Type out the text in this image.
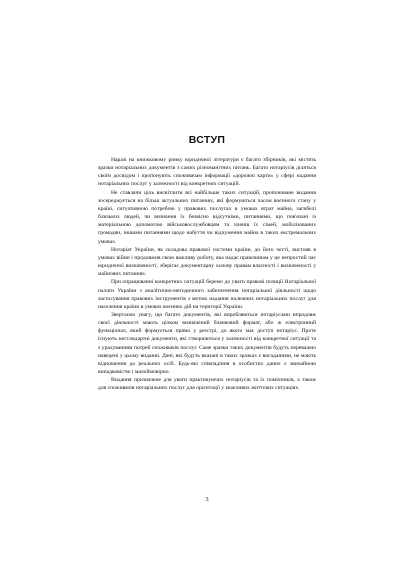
ВСТУП

Наразі на книжковому ринку юридичної літератури є багато збірників, які містять зразки нотаріальних документів з самих різноманітних питань. Багато нотаріусів діляться своїм досвідом і пропонують споживачам інформації «дорожні карти» у сфері надання нотаріальних послуг у залежності від конкретних ситуацій.

Не ставлячи ціль висвітлити всі найбільше таких ситуацій, пропоноване видання зосереджується на більш актуальних питаннях, які формуються часом воєнного стану у країні, ситуативною потребою у правових послугах в умовах втрат майна, загибелі близьких людей, чи визнання їх безвісно відсутніми, питаннями, що пов'язані із матеріальною допомогою військовослужбовцям та членів їх сімей, мобілізованих громадян, іншими питаннями щодо набуття чи відчуження майна в таких екстремальних умовах.

Нотаріат України, як складова правової системи країни, до його честі, вистояв в умовах війни і продовжив свою важливу роботу, яка надає правочинам у це непростий час юридичної визначеності, зберігає документарну основу правам власності і визначеності у майнових питаннях.

При опрацюванні конкретних ситуацій беремо до уваги правові позиції Нотаріальної палати України з аналітично-методичного забезпечення нотаріальної діяльності щодо застосування правових інструментів з метою надання належних нотаріальних послуг для населення країни в умовах воєнних дій на території України.

Звертаємо увагу, що багато документів, які виробляються нотаріусами впродовж своєї діяльності мають цілком визначений бланковий формат, або ж електронний функціонал, який формується прямо у реєстрі, до якого має доступ нотаріус. Проте існують нестандартні документи, які створюються у залежності від конкретної ситуації та з урахуванням потреб споживачів послуг. Саме зразки таких документів будуть переважно наведені у цьому виданні. Дані, які будуть вказані в таких зразках є вигаданими, не мають відношення до реальних осіб. Будь-які співпадіння в особистих даних є звичайною випадковістю і малоймовірно.

Видання призначене для уваги практикуючих нотаріусів та їх помічників, а також для споживачів нотаріальних послуг для орієнтації у можливих життєвих ситуаціях.

3
